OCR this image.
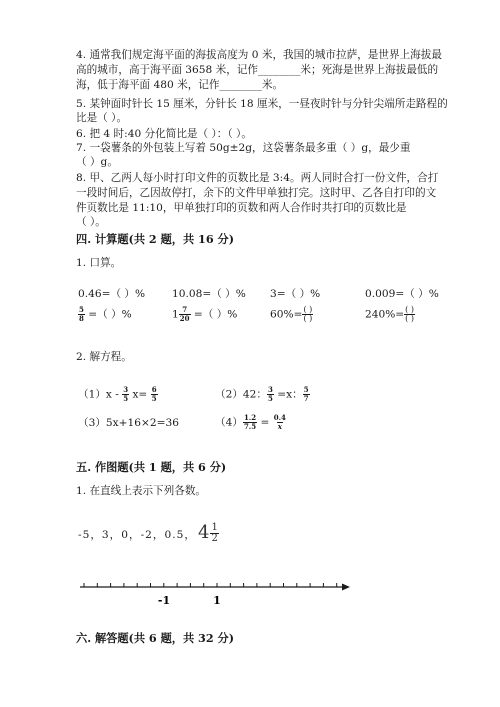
4. 通常我们规定海平面的海拔高度为 0 米，我国的城市拉萨，是世界上海拔最
高的城市，高于海平面 3658 米，记作________米；死海是世界上海拔最低的
海，低于海平面 480 米，记作________米。
5. 某钟面时针长 15 厘米，分针长 18 厘米，一昼夜时针与分针尖端所走路程的
比是（ ）。
6. 把 4 时:40 分化简比是（ ）：（ ）。
7. 一袋薯条的外包装上写着 50g±2g，这袋薯条最多重（ ）g，最少重
（ ）g。
8. 甲、乙两人每小时打印文件的页数比是 3:4。两人同时合打一份文件，合打
一段时间后，乙因故停打，余下的文件甲单独打完。这时甲、乙各自打印的文
件页数比是 11:10，甲单独打印的页数和两人合作时共打印的页数比是
（ ）。
四. 计算题(共 2 题，共 16 分)
1. 口算。
0.46=（ ）%	10.08=（ ）% 3=（ ）%	0.009=（ ）%
$\frac{5}{8}$ =（ ）%	$1 \frac{7}{20}$ =（ ）%	$60\%= \frac{( )}{( )}$	$240\%= \frac{( )}{( )}$
2. 解方程。
$(1)x - \frac{3}{5} x= \frac{6}{5}$	（2）42： $\frac{3}{5} =x$： $\frac{5}{7}$
（3）5x+16×2=36	$(4) \frac{1.2}{7.5} = \frac{0.4}{x}$
五. 作图题(共 1 题，共 6 分)
1. 在直线上表示下列各数。
-5，3，0，-2，0.5， $4 \frac{1}{2}$
-1	1
六. 解答题(共 6 题，共 32 分)
